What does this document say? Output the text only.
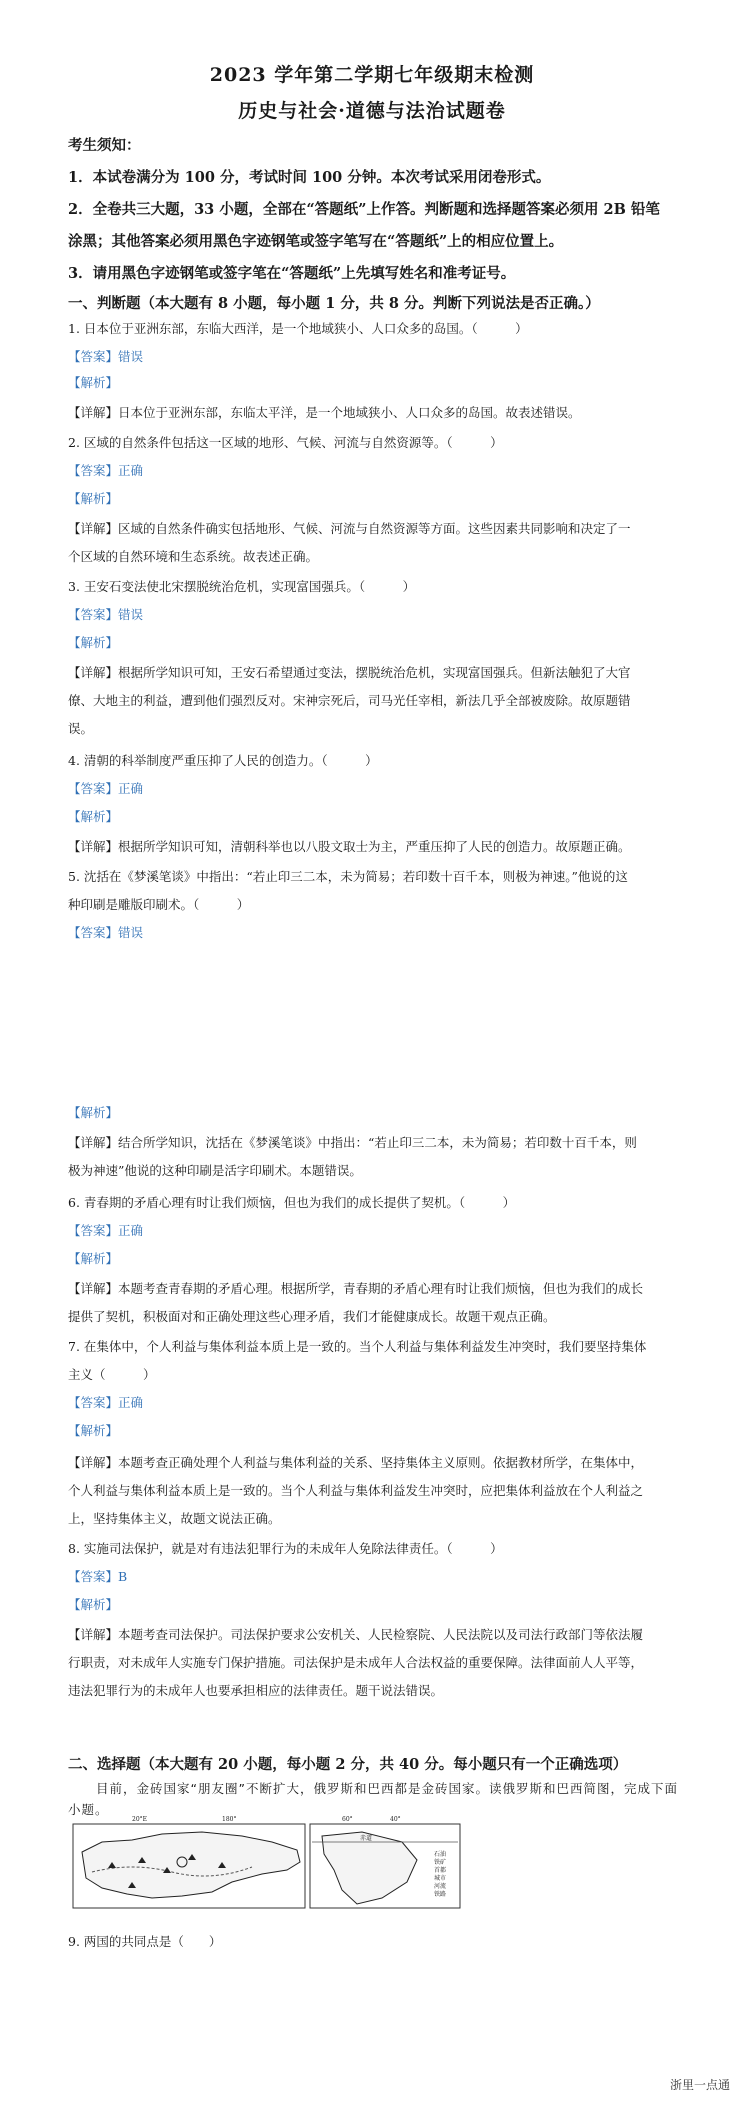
2023 学年第二学期七年级期末检测
历史与社会·道德与法治试题卷
考生须知：
1．本试卷满分为 100 分，考试时间 100 分钟。本次考试采用闭卷形式。
2．全卷共三大题，33 小题，全部在“答题纸”上作答。判断题和选择题答案必须用 2B 铅笔
涂黑；其他答案必须用黑色字迹钢笔或签字笔写在“答题纸”上的相应位置上。
3．请用黑色字迹钢笔或签字笔在“答题纸”上先填写姓名和准考证号。
一、判断题（本大题有 8 小题，每小题 1 分，共 8 分。判断下列说法是否正确。）
1. 日本位于亚洲东部，东临大西洋，是一个地域狭小、人口众多的岛国。（　　　）
【答案】错误
【解析】
【详解】日本位于亚洲东部，东临太平洋，是一个地域狭小、人口众多的岛国。故表述错误。
2. 区域的自然条件包括这一区域的地形、气候、河流与自然资源等。（　　　）
【答案】正确
【解析】
【详解】区域的自然条件确实包括地形、气候、河流与自然资源等方面。这些因素共同影响和决定了一
个区域的自然环境和生态系统。故表述正确。
3. 王安石变法使北宋摆脱统治危机，实现富国强兵。（　　　）
【答案】错误
【解析】
【详解】根据所学知识可知，王安石希望通过变法，摆脱统治危机，实现富国强兵。但新法触犯了大官
僚、大地主的利益，遭到他们强烈反对。宋神宗死后，司马光任宰相，新法几乎全部被废除。故原题错
误。
4. 清朝的科举制度严重压抑了人民的创造力。（　　　）
【答案】正确
【解析】
【详解】根据所学知识可知，清朝科举也以八股文取士为主，严重压抑了人民的创造力。故原题正确。
5. 沈括在《梦溪笔谈》中指出：“若止印三二本，未为简易；若印数十百千本，则极为神速。”他说的这
种印刷是雕版印刷术。（　　　）
【答案】错误
【解析】
【详解】结合所学知识，沈括在《梦溪笔谈》中指出：“若止印三二本，未为简易；若印数十百千本，则
极为神速”他说的这种印刷是活字印刷术。本题错误。
6. 青春期的矛盾心理有时让我们烦恼，但也为我们的成长提供了契机。（　　　）
【答案】正确
【解析】
【详解】本题考查青春期的矛盾心理。根据所学，青春期的矛盾心理有时让我们烦恼，但也为我们的成长
提供了契机，积极面对和正确处理这些心理矛盾，我们才能健康成长。故题干观点正确。
7. 在集体中，个人利益与集体利益本质上是一致的。当个人利益与集体利益发生冲突时，我们要坚持集体
主义（　　　）
【答案】正确
【解析】
【详解】本题考查正确处理个人利益与集体利益的关系、坚持集体主义原则。依据教材所学，在集体中，
个人利益与集体利益本质上是一致的。当个人利益与集体利益发生冲突时，应把集体利益放在个人利益之
上，坚持集体主义，故题文说法正确。
8. 实施司法保护，就是对有违法犯罪行为的未成年人免除法律责任。（　　　）
【答案】B
【解析】
【详解】本题考查司法保护。司法保护要求公安机关、人民检察院、人民法院以及司法行政部门等依法履
行职责，对未成年人实施专门保护措施。司法保护是未成年人合法权益的重要保障。法律面前人人平等，
违法犯罪行为的未成年人也要承担相应的法律责任。题干说法错误。
二、选择题（本大题有 20 小题，每小题 2 分，共 40 分。每小题只有一个正确选项）
目前，金砖国家“朋友圈”不断扩大，俄罗斯和巴西都是金砖国家。读俄罗斯和巴西简图，完成下面
小题。
20°E	180°	60°	40°
赤道
石油
铁矿
首都
城市
河流
铁路
9. 两国的共同点是（　　）
浙里一点通
